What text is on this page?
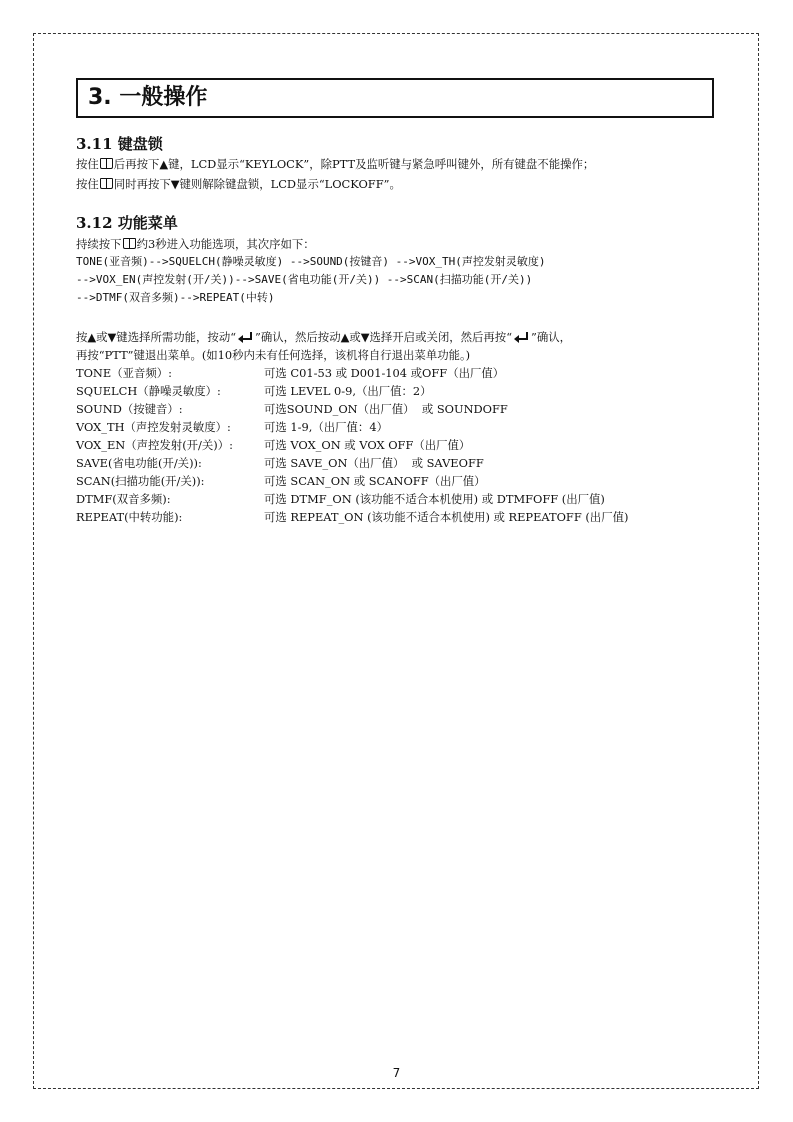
3. 一般操作
3.11 键盘锁
按住 后再按下▲键，LCD显示“KEYLOCK”，除PTT及监听键与紧急呼叫键外，所有键盘不能操作；
按住 同时再按下▼键则解除键盘锁，LCD显示“LOCKOFF”。
3.12 功能菜单
持续按下 约3秒进入功能选项，其次序如下：
TONE(亚音频)-->SQUELCH(静噪灵敏度) -->SOUND(按键音) -->VOX_TH(声控发射灵敏度)
-->VOX_EN(声控发射(开/关))-->SAVE(省电功能(开/关)) -->SCAN(扫描功能(开/关))
-->DTMF(双音多频)-->REPEAT(中转)
按▲或▼键选择所需功能，按动“ ”确认，然后按动▲或▼选择开启或关闭，然后再按“ ”确认，
再按“PTT”键退出菜单。(如10秒内未有任何选择，该机将自行退出菜单功能。)
TONE（亚音频）:	可选 C01-53 或 D001-104 或OFF（出厂值）
SQUELCH（静噪灵敏度）:	可选 LEVEL 0-9,（出厂值：2）
SOUND（按键音）:	可选SOUND_ON（出厂值）  或 SOUNDOFF
VOX_TH（声控发射灵敏度）:	可选 1-9,（出厂值：4）
VOX_EN（声控发射(开/关)）:	可选 VOX_ON 或 VOX OFF（出厂值）
SAVE(省电功能(开/关)):	可选 SAVE_ON（出厂值）  或 SAVEOFF
SCAN(扫描功能(开/关)):	可选 SCAN_ON 或 SCANOFF（出厂值）
DTMF(双音多频):	可选 DTMF_ON (该功能不适合本机使用) 或 DTMFOFF (出厂值)
REPEAT(中转功能):	可选 REPEAT_ON (该功能不适合本机使用) 或 REPEATOFF (出厂值)
7
